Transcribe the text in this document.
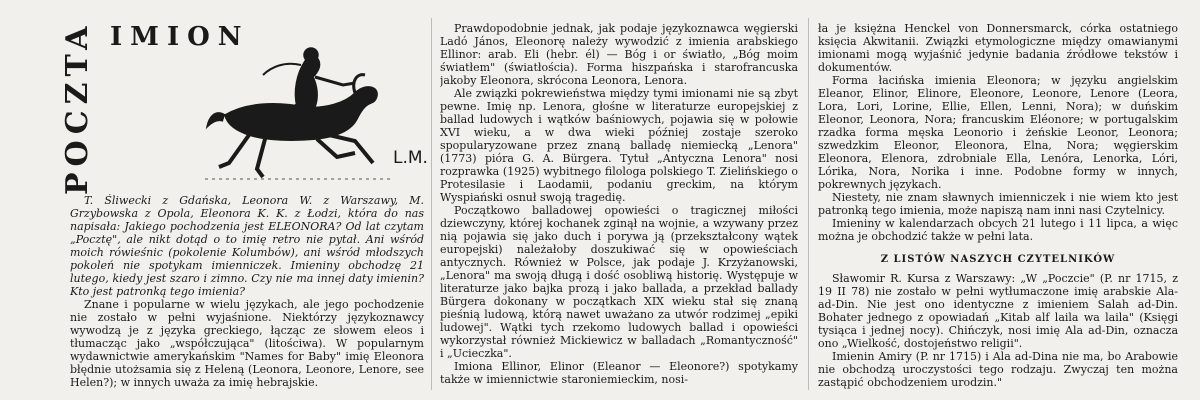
POCZTA IMION
L.M.

T. Śliwecki z Gdańska, Leonora W. z Warszawy, M. Grzybowska z Opola, Eleonora K. K. z Łodzi, która do nas napisała: Jakiego pochodzenia jest ELEONORA? Od lat czytam „Pocztę", ale nikt dotąd o to imię retro nie pytał. Ani wśród moich rówieśnic (pokolenie Kolumbów), ani wśród młodszych pokoleń nie spotykam imienniczek. Imieniny obchodzę 21 lutego, kiedy jest szaro i zimno. Czy nie ma innej daty imienin? Kto jest patronką tego imienia?

Znane i popularne w wielu językach, ale jego pochodzenie nie zostało w pełni wyjaśnione. Niektórzy językoznawcy wywodzą je z języka greckiego, łącząc ze słowem eleos i tłumacząc jako „współczująca" (litościwa). W popularnym wydawnictwie amerykańskim "Names for Baby" imię Eleonora błędnie utożsamia się z Heleną (Leonora, Leonore, Lenore, see Helen?); w innych uważa za imię hebrajskie.

Prawdopodobnie jednak, jak podaje językoznawca węgierski Ladó János, Eleonorę należy wywodzić z imienia arabskiego Ellinor: arab. Eli (hebr. él) — Bóg i or światło, „Bóg moim światłem" (światłościa). Forma hiszpańska i starofrancuska jakoby Eleonora, skrócona Leonora, Lenora.

Ale związki pokrewieństwa między tymi imionami nie są zbyt pewne. Imię np. Lenora, głośne w literaturze europejskiej z ballad ludowych i wątków baśniowych, pojawia się w połowie XVI wieku, a w dwa wieki później zostaje szeroko spopularyzowane przez znaną balladę niemiecką „Lenora" (1773) pióra G. A. Bürgera. Tytuł „Antyczna Lenora" nosi rozprawka (1925) wybitnego filologa polskiego T. Zielińskiego o Protesilasie i Laodamii, podaniu greckim, na którym Wyspiański osnuł swoją tragedię.

Początkowo balladowej opowieści o tragicznej miłości dziewczyny, której kochanek zginął na wojnie, a wzywany przez nią pojawia się jako duch i porywa ją (przekształcony wątek europejski) należałoby doszukiwać się w opowieściach antycznych. Również w Polsce, jak podaje J. Krzyżanowski, „Lenora" ma swoją długą i dość osobliwą historię. Występuje w literaturze jako bajka prozą i jako ballada, a przekład ballady Bürgera dokonany w początkach XIX wieku stał się znaną pieśnią ludową, którą nawet uważano za utwór rodzimej „epiki ludowej". Wątki tych rzekomo ludowych ballad i opowieści wykorzystał również Mickiewicz w balladach „Romantyczność" i „Ucieczka".

Imiona Ellinor, Elinor (Eleanor — Eleonore?) spotykamy także w imiennictwie staroniemieckim, nosi-

ła je księżna Henckel von Donnersmarck, córka ostatniego księcia Akwitanii. Związki etymologiczne między omawianymi imionami mogą wyjaśnić jedynie badania źródłowe tekstów i dokumentów.

Forma łacińska imienia Eleonora; w języku angielskim Eleanor, Elinor, Elinore, Eleonore, Leonore, Lenore (Leora, Lora, Lori, Lorine, Ellie, Ellen, Lenni, Nora); w duńskim Eleonor, Leonora, Nora; francuskim Eléonore; w portugalskim rzadka forma męska Leonorio i żeńskie Leonor, Leonora; szwedzkim Eleonor, Eleonora, Elna, Nora; węgierskim Eleonora, Elenora, zdrobniale Ella, Lenóra, Lenorka, Lóri, Lórika, Nora, Norika i inne. Podobne formy w innych, pokrewnych językach.

Niestety, nie znam sławnych imienniczek i nie wiem kto jest patronką tego imienia, może napiszą nam inni nasi Czytelnicy.

Imieniny w kalendarzach obcych 21 lutego i 11 lipca, a więc można je obchodzić także w pełni lata.

Z LISTÓW NASZYCH CZYTELNIKÓW

Sławomir R. Kursa z Warszawy: „W „Poczcie" (P. nr 1715, z 19 II 78) nie zostało w pełni wytłumaczone imię arabskie Ala-ad-Din. Nie jest ono identyczne z imieniem Salah ad-Din. Bohater jednego z opowiadań „Kitab alf laila wa laila" (Księgi tysiąca i jednej nocy). Chińczyk, nosi imię Ala ad-Din, oznacza ono „Wielkość, dostojeństwo religii".

Imienin Amiry (P. nr 1715) i Ala ad-Dina nie ma, bo Arabowie nie obchodzą uroczystości tego rodzaju. Zwyczaj ten można zastąpić obchodzeniem urodzin."
